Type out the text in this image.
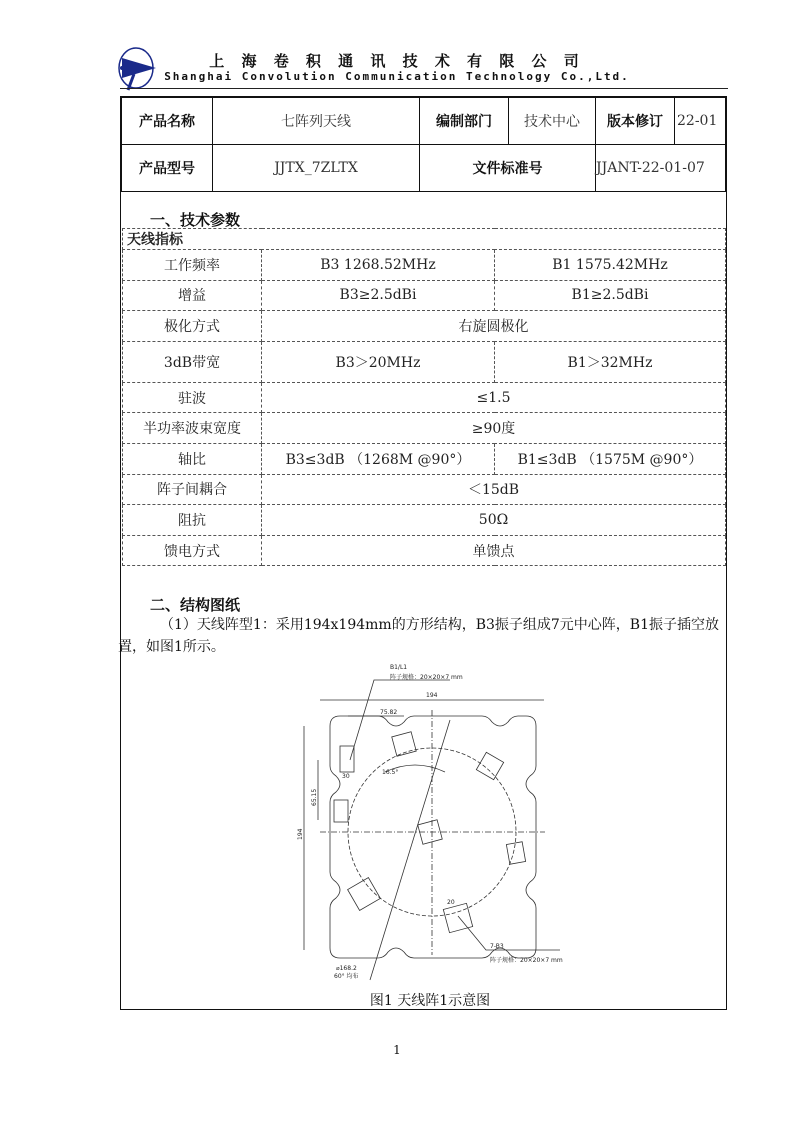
上 海 卷 积 通 讯 技 术 有 限 公 司
Shanghai Convolution Communication Technology Co.,Ltd.
产品名称	七阵列天线	编制部门	技术中心	版本修订	22-01
产品型号	JJTX_7ZLTX	文件标准号		JJANT-22-01-07	
一、技术参数
天线指标		
工作频率	B3 1268.52MHz	B1 1575.42MHz
增益	B3≥2.5dBi	B1≥2.5dBi
极化方式	右旋圆极化	
3dB带宽	B3＞20MHz	B1＞32MHz
驻波	≤1.5	
半功率波束宽度	≥90度	
轴比	B3≤3dB （1268M @90°）	B1≤3dB （1575M @90°）
阵子间耦合	＜15dB	
阻抗	50Ω	
馈电方式	单馈点	
二、结构图纸
（1）天线阵型1：采用194x194mm的方形结构，B3振子组成7元中心阵，B1振子插空放置，如图1所示。
B1/L1
阵子规格：20×20×7 mm
194
75.82
16.5°
65.15
194
30
20
7-B3
阵子规格：20×20×7 mm
⌀168.2
60° 均布
图1 天线阵1示意图
1
